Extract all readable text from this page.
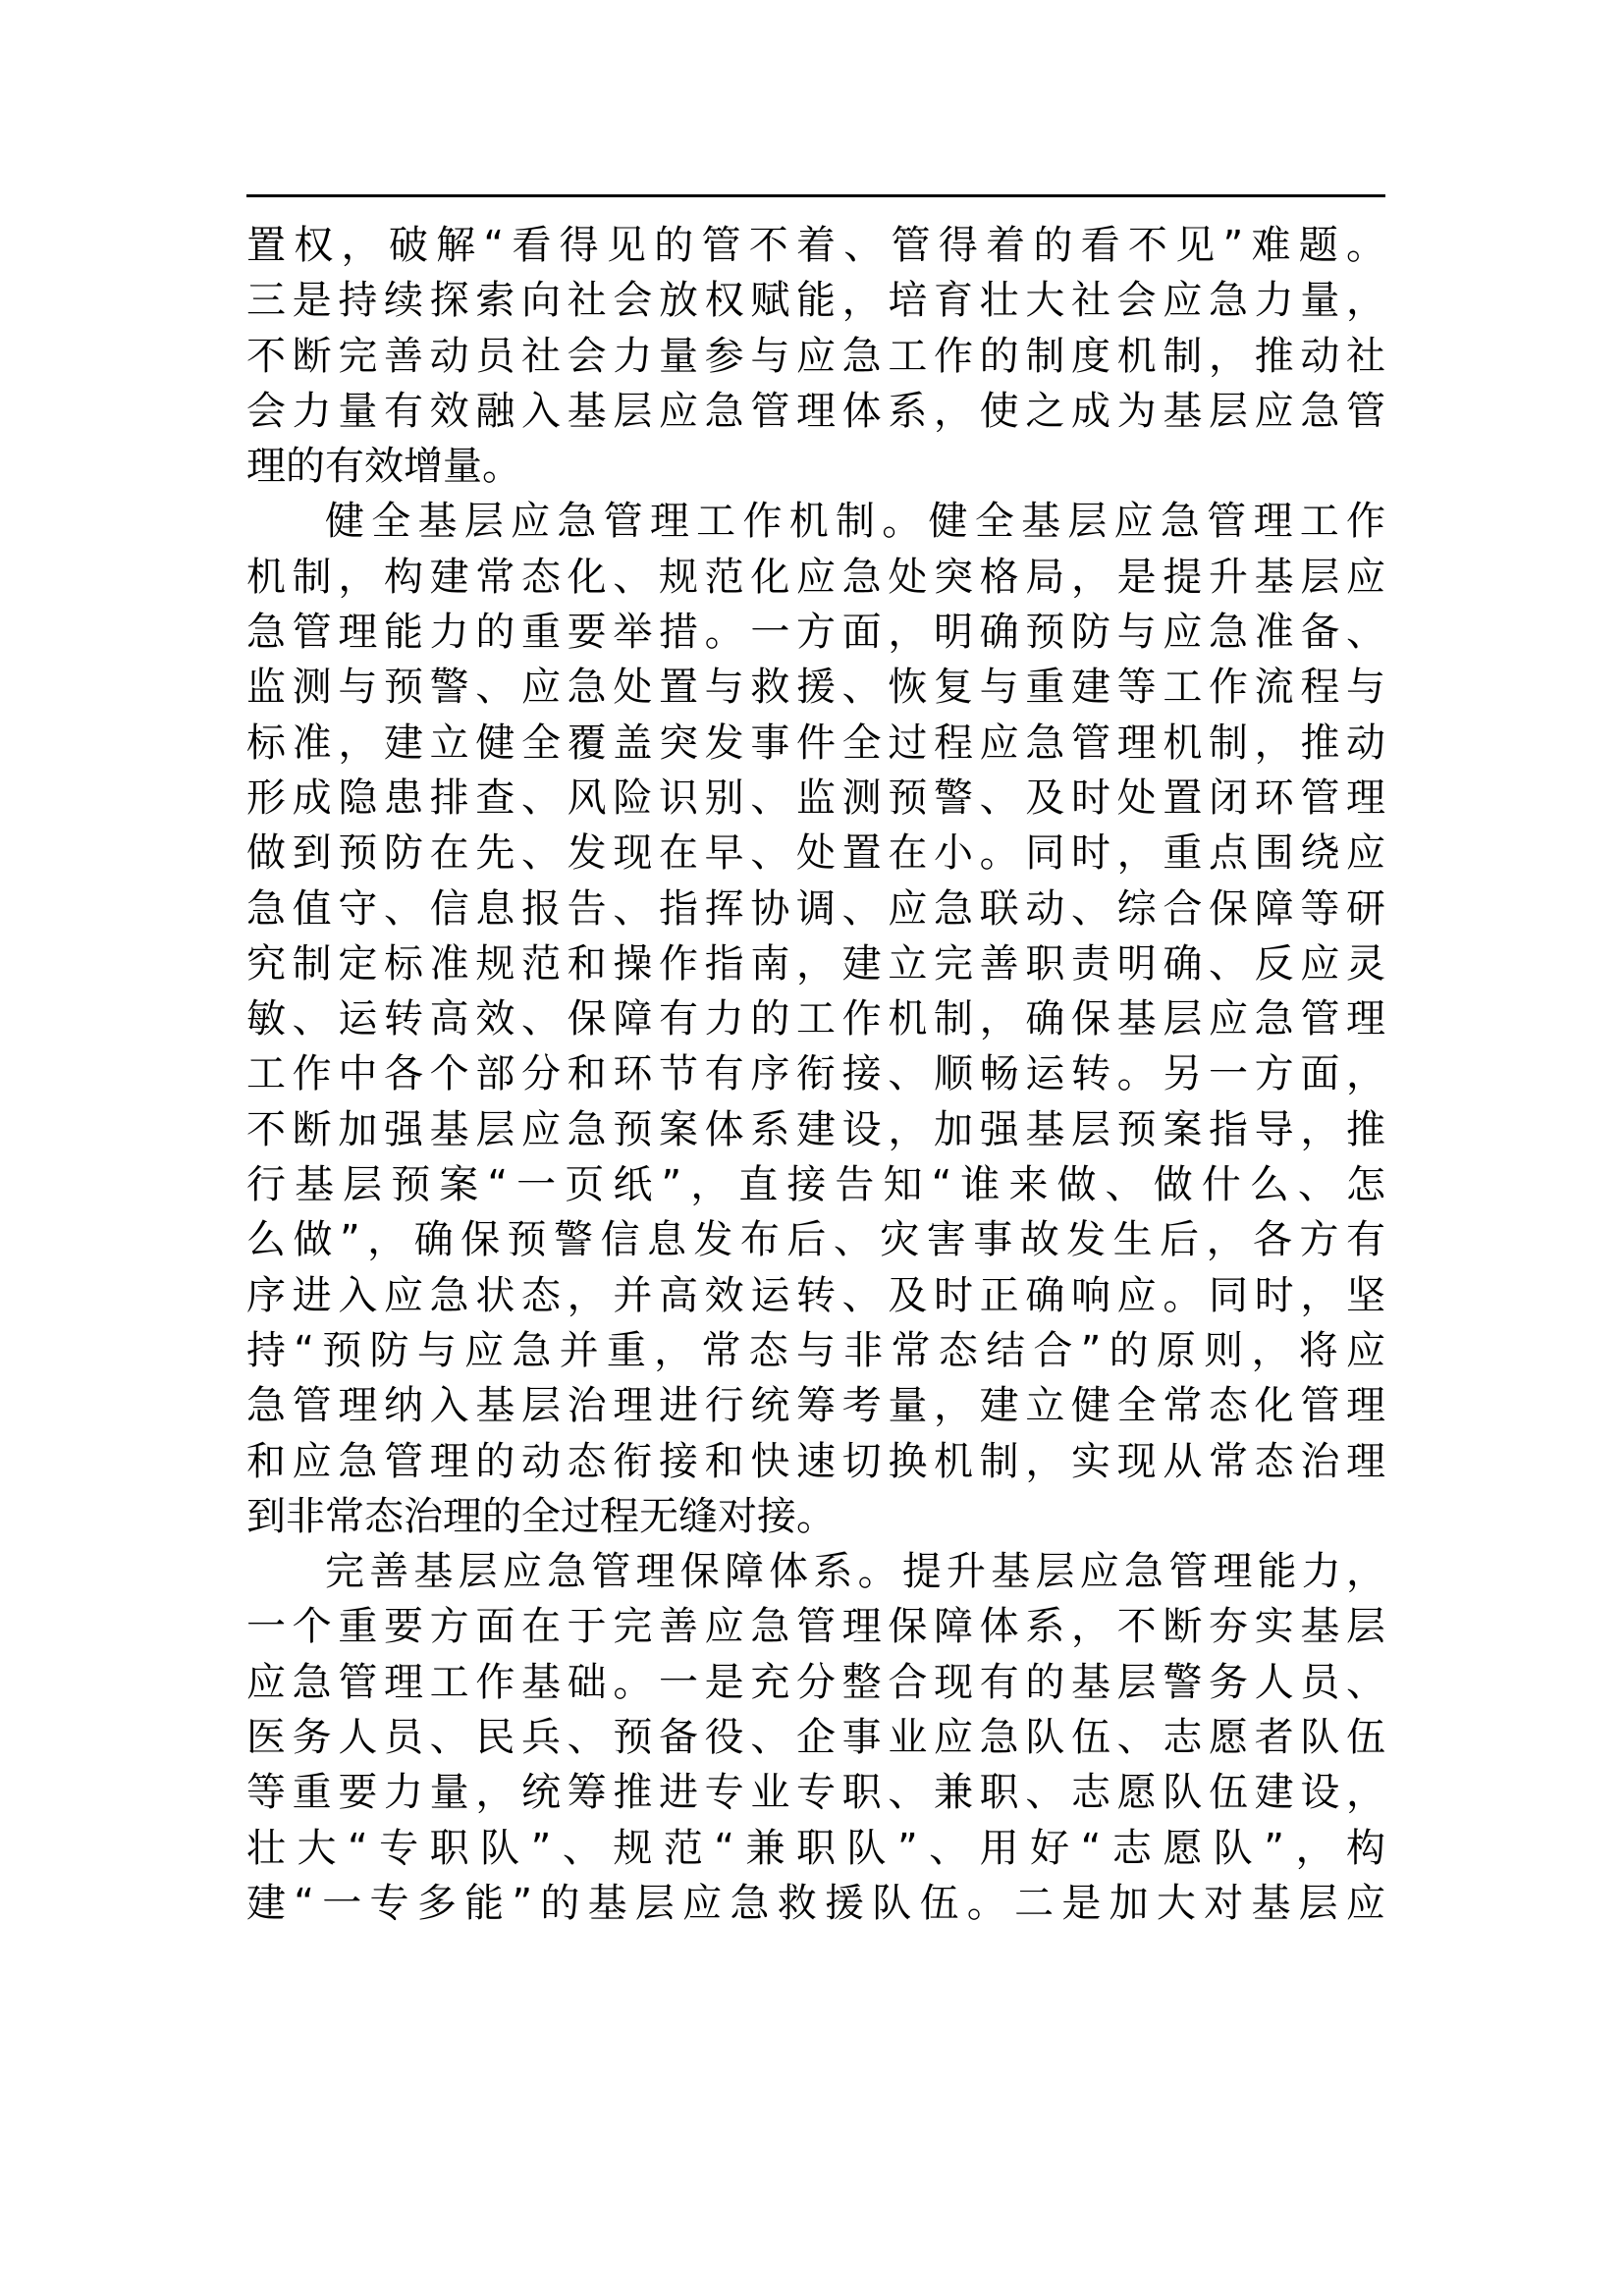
置权，破解“看得见的管不着、管得着的看不见”难题。
三是持续探索向社会放权赋能，培育壮大社会应急力量，
不断完善动员社会力量参与应急工作的制度机制，推动社
会力量有效融入基层应急管理体系，使之成为基层应急管
理的有效增量。
健全基层应急管理工作机制。健全基层应急管理工作
机制，构建常态化、规范化应急处突格局，是提升基层应
急管理能力的重要举措。一方面，明确预防与应急准备、
监测与预警、应急处置与救援、恢复与重建等工作流程与
标准，建立健全覆盖突发事件全过程应急管理机制，推动
形成隐患排查、风险识别、监测预警、及时处置闭环管理
做到预防在先、发现在早、处置在小。同时，重点围绕应
急值守、信息报告、指挥协调、应急联动、综合保障等研
究制定标准规范和操作指南，建立完善职责明确、反应灵
敏、运转高效、保障有力的工作机制，确保基层应急管理
工作中各个部分和环节有序衔接、顺畅运转。另一方面，
不断加强基层应急预案体系建设，加强基层预案指导，推
行基层预案“一页纸”，直接告知“谁来做、做什么、怎
么做”，确保预警信息发布后、灾害事故发生后，各方有
序进入应急状态，并高效运转、及时正确响应。同时，坚
持“预防与应急并重，常态与非常态结合”的原则，将应
急管理纳入基层治理进行统筹考量，建立健全常态化管理
和应急管理的动态衔接和快速切换机制，实现从常态治理
到非常态治理的全过程无缝对接。
完善基层应急管理保障体系。提升基层应急管理能力，
一个重要方面在于完善应急管理保障体系，不断夯实基层
应急管理工作基础。一是充分整合现有的基层警务人员、
医务人员、民兵、预备役、企事业应急队伍、志愿者队伍
等重要力量，统筹推进专业专职、兼职、志愿队伍建设，
壮大“专职队”、规范“兼职队”、用好“志愿队”，构
建“一专多能”的基层应急救援队伍。二是加大对基层应
